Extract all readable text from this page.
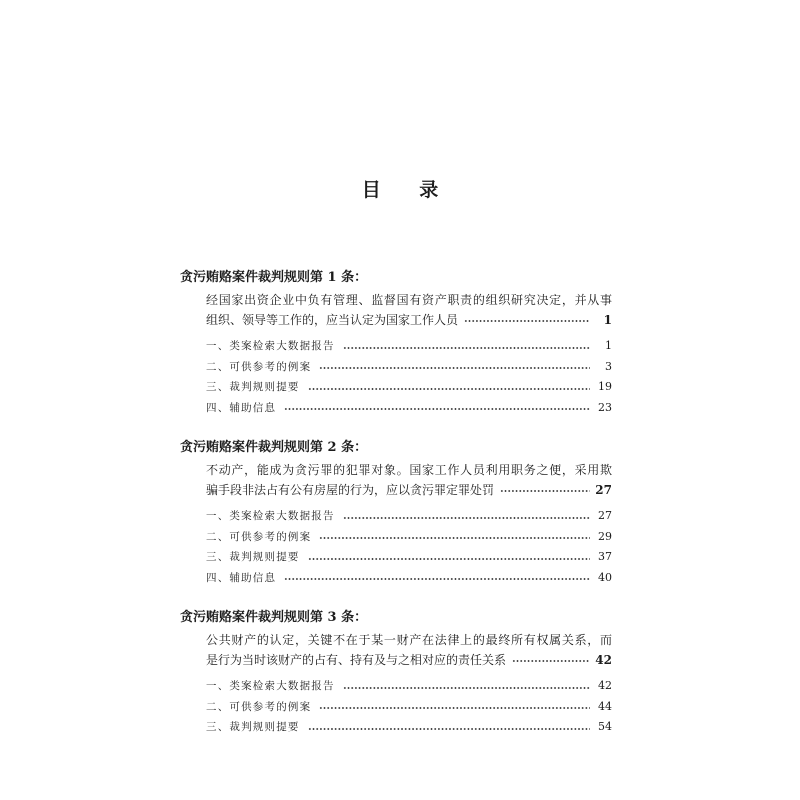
目 录
贪污贿赂案件裁判规则第 1 条：
经国家出资企业中负有管理、监督国有资产职责的组织研究决定，并从事
组织、领导等工作的，应当认定为国家工作人员	1
一、类案检索大数据报告	1
二、可供参考的例案	3
三、裁判规则提要	19
四、辅助信息	23
贪污贿赂案件裁判规则第 2 条：
不动产，能成为贪污罪的犯罪对象。国家工作人员利用职务之便，采用欺
骗手段非法占有公有房屋的行为，应以贪污罪定罪处罚	27
一、类案检索大数据报告	27
二、可供参考的例案	29
三、裁判规则提要	37
四、辅助信息	40
贪污贿赂案件裁判规则第 3 条：
公共财产的认定，关键不在于某一财产在法律上的最终所有权属关系，而
是行为当时该财产的占有、持有及与之相对应的责任关系	42
一、类案检索大数据报告	42
二、可供参考的例案	44
三、裁判规则提要	54
